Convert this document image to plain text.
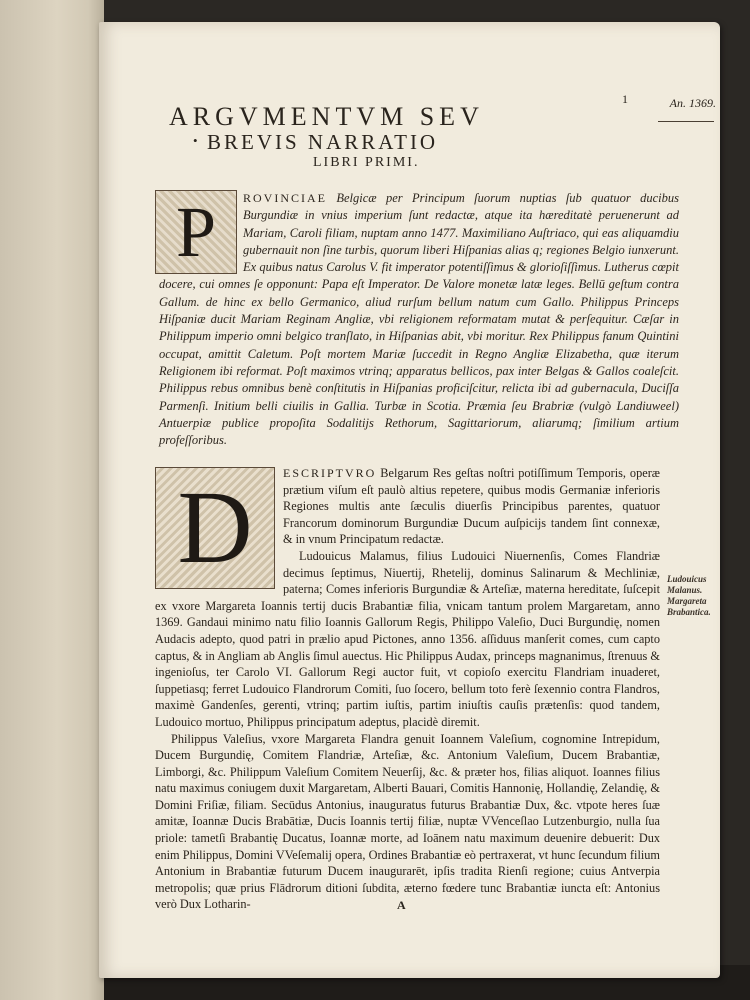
1	An. 1369.
ARGVMENTVM SEV
• BREVIS NARRATIO
LIBRI PRIMI.
P	ROVINCIAE Belgicæ per Principum ſuorum nuptias ſub quatuor ducibus Burgundiæ in vnius imperium ſunt redactæ, atque ita hæreditatè peruenerunt ad Mariam, Caroli filiam, nuptam anno 1477. Maximiliano Auſtriaco, qui eas aliquamdiu gubernauit non ſine turbis, quorum liberi Hiſpanias alias q; regiones Belgio iunxerunt. Ex quibus natus Carolus V. fit imperator potentiſſimus & glorioſiſſimus. Lutherus cœpit docere, cui omnes ſe opponunt: Papa eſt Imperator. De Valore monetæ latæ leges. Bellū geſtum contra Gallum. de hinc ex bello Germanico, aliud rurſum bellum natum cum Gallo. Philippus Princeps Hiſpaniæ ducit Mariam Reginam Angliæ, vbi religionem reformatam mutat & perſequitur. Cæſar in Philippum imperio omni belgico tranſlato, in Hiſpanias abit, vbi moritur. Rex Philippus fanum Quintini occupat, amittit Caletum. Poſt mortem Mariæ ſuccedit in Regno Angliæ Elizabetha, quæ iterum Religionem ibi reformat. Poſt maximos vtrinq; apparatus bellicos, pax inter Belgas & Gallos coaleſcit. Philippus rebus omnibus benè conſtitutis in Hiſpanias proficiſcitur, relicta ibi ad gubernacula, Duciſſa Parmenſi. Initium belli ciuilis in Gallia. Turbæ in Scotia. Præmia ſeu Brabriæ (vulgò Landiuweel) Antuerpiæ publice propoſita Sodalitijs Rethorum, Sagittariorum, aliarumq; ſimilium artium profeſſoribus.
D	ESCRIPTVRO Belgarum Res geſtas noſtri potiſſimum Temporis, operæ prætium viſum eſt paulò altius repetere, quibus modis Germaniæ inferioris Regiones multis ante ſæculis diuerſis Principibus parentes, quatuor Francorum dominorum Burgundiæ Ducum auſpicijs tandem ſint connexæ, & in vnum Principatum redactæ.

Ludouicus Malamus, filius Ludouici Niuernenſis, Comes Flandriæ decimus ſeptimus, Niuertij, Rhetelij, dominus Salinarum & Mechliniæ, paterna; Comes inferioris Burgundiæ & Arteſiæ, materna hereditate, ſuſcepit ex vxore Margareta Ioannis tertij ducis Brabantiæ filia, vnicam tantum prolem Margaretam, anno 1369. Gandaui minimo natu filio Ioannis Gallorum Regis, Philippo Valeſio, Duci Burgundię, nomen Audacis adepto, quod patri in prælio apud Pictones, anno 1356. aſſiduus manſerit comes, cum capto captus, & in Angliam ab Anglis ſimul auectus. Hic Philippus Audax, princeps magnanimus, ſtrenuus & ingenioſus, ter Carolo VI. Gallorum Regi auctor fuit, vt copioſo exercitu Flandriam inuaderet, ſuppetiasq; ferret Ludouico Flandrorum Comiti, ſuo ſocero, bellum toto ferè ſexennio contra Flandros, maximè Gandenſes, gerenti, vtrinq; partim iuſtis, partim iniuſtis cauſis prætenſis: quod tandem, Ludouico mortuo, Philippus principatum adeptus, placidè diremit.

Philippus Valeſius, vxore Margareta Flandra genuit Ioannem Valeſium, cognomine Intrepidum, Ducem Burgundię, Comitem Flandriæ, Arteſiæ, &c. Antonium Valeſium, Ducem Brabantiæ, Limborgi, &c. Philippum Valeſium Comitem Neuerſij, &c. & præter hos, filias aliquot. Ioannes filius natu maximus coniugem duxit Margaretam, Alberti Bauari, Comitis Hannonię, Hollandię, Zelandię, & Domini Friſiæ, filiam. Secūdus Antonius, inauguratus futurus Brabantiæ Dux, &c. vtpote heres ſuæ amitæ, Ioannæ Ducis Brabātiæ, Ducis Ioannis tertij filiæ, nuptæ VVenceſlao Lutzenburgio, nulla ſua priole: tametſi Brabantię Ducatus, Ioannæ morte, ad Ioānem natu maximum deuenire debuerit: Dux enim Philippus, Domini VVeſemalij opera, Ordines Brabantiæ eò pertraxerat, vt hunc ſecundum filium Antonium in Brabantiæ futurum Ducem inaugurarēt, ipſis tradita Rienſi regione; cuius Antverpia metropolis; quæ prius Flādrorum ditioni ſubdita, æterno fœdere tunc Brabantiæ iuncta eſt: Antonius verò Dux Lotharin-

Ludouicus
Malanus.
Margareta
Brabantica.
A
